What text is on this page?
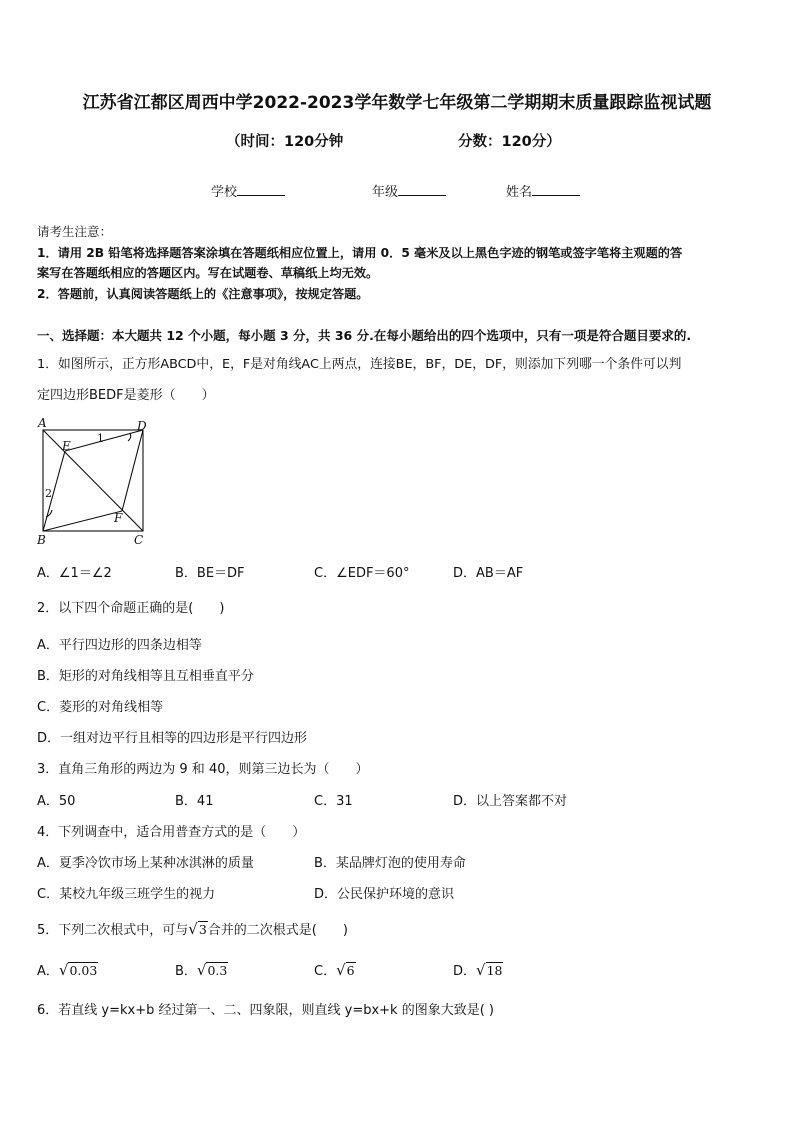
江苏省江都区周西中学2022-2023学年数学七年级第二学期期末质量跟踪监视试题
（时间：120分钟	分数：120分）
学校	年级	姓名
请考生注意：
1．请用 2B 铅笔将选择题答案涂填在答题纸相应位置上，请用 0．5 毫米及以上黑色字迹的钢笔或签字笔将主观题的答
案写在答题纸相应的答题区内。写在试题卷、草稿纸上均无效。
2．答题前，认真阅读答题纸上的《注意事项》，按规定答题。
一、选择题：本大题共 12 个小题，每小题 3 分，共 36 分.在每小题给出的四个选项中，只有一项是符合题目要求的.
1．如图所示，正方形ABCD中，E，F是对角线AC上两点，连接BE，BF，DE，DF，则添加下列哪一个条件可以判
定四边形BEDF是菱形（　　）
A	D
E
F
B	C
1
2
A．∠1＝∠2	B．BE＝DF	C．∠EDF＝60°	D．AB＝AF
2．以下四个命题正确的是(　　)
A．平行四边形的四条边相等
B．矩形的对角线相等且互相垂直平分
C．菱形的对角线相等
D．一组对边平行且相等的四边形是平行四边形
3．直角三角形的两边为 9 和 40，则第三边长为（　　）
A．50	B．41	C．31	D．以上答案都不对
4．下列调查中，适合用普查方式的是（　　）
A．夏季冷饮市场上某种冰淇淋的质量	B．某品牌灯泡的使用寿命
C．某校九年级三班学生的视力	D．公民保护环境的意识
5．下列二次根式中，可与√3合并的二次根式是(　　)
A．√0.03	B．√0.3	C．√6	D．√18
6．若直线 y=kx+b 经过第一、二、四象限，则直线 y=bx+k 的图象大致是( )
